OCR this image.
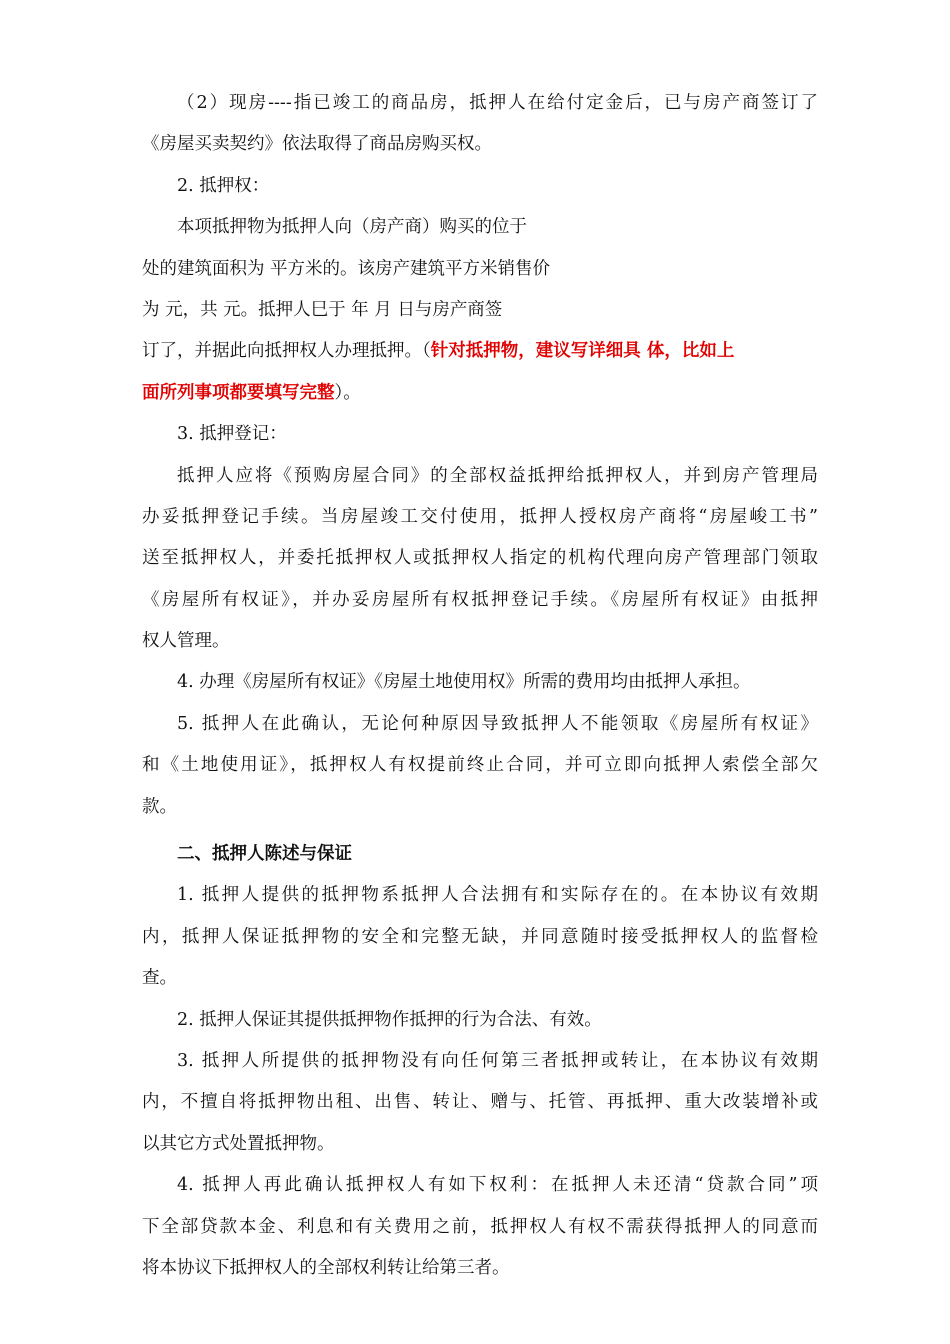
（2）现房----指已竣工的商品房，抵押人在给付定金后，已与房产商签订了
《房屋买卖契约》依法取得了商品房购买权。
2. 抵押权：
本项抵押物为抵押人向（房产商）购买的位于
处的建筑面积为 平方米的。该房产建筑平方米销售价
为 元，共 元。抵押人巳于 年 月 日与房产商签
订了，并据此向抵押权人办理抵押。（针对抵押物，建议写详细具 体，比如上
面所列事项都要填写完整）。
3. 抵押登记：
抵押人应将《预购房屋合同》的全部权益抵押给抵押权人，并到房产管理局
办妥抵押登记手续。当房屋竣工交付使用，抵押人授权房产商将“房屋峻工书”
送至抵押权人，并委托抵押权人或抵押权人指定的机构代理向房产管理部门领取
《房屋所有权证》，并办妥房屋所有权抵押登记手续。《房屋所有权证》由抵押
权人管理。
4. 办理《房屋所有权证》《房屋土地使用权》所需的费用均由抵押人承担。
5. 抵押人在此确认，无论何种原因导致抵押人不能领取《房屋所有权证》
和《土地使用证》，抵押权人有权提前终止合同，并可立即向抵押人索偿全部欠
款。
二、抵押人陈述与保证
1. 抵押人提供的抵押物系抵押人合法拥有和实际存在的。在本协议有效期
内，抵押人保证抵押物的安全和完整无缺，并同意随时接受抵押权人的监督检
查。
2. 抵押人保证其提供抵押物作抵押的行为合法、有效。
3. 抵押人所提供的抵押物没有向任何第三者抵押或转让，在本协议有效期
内，不擅自将抵押物出租、出售、转让、赠与、托管、再抵押、重大改装增补或
以其它方式处置抵押物。
4. 抵押人再此确认抵押权人有如下权利：在抵押人未还清“贷款合同”项
下全部贷款本金、利息和有关费用之前，抵押权人有权不需获得抵押人的同意而
将本协议下抵押权人的全部权利转让给第三者。
